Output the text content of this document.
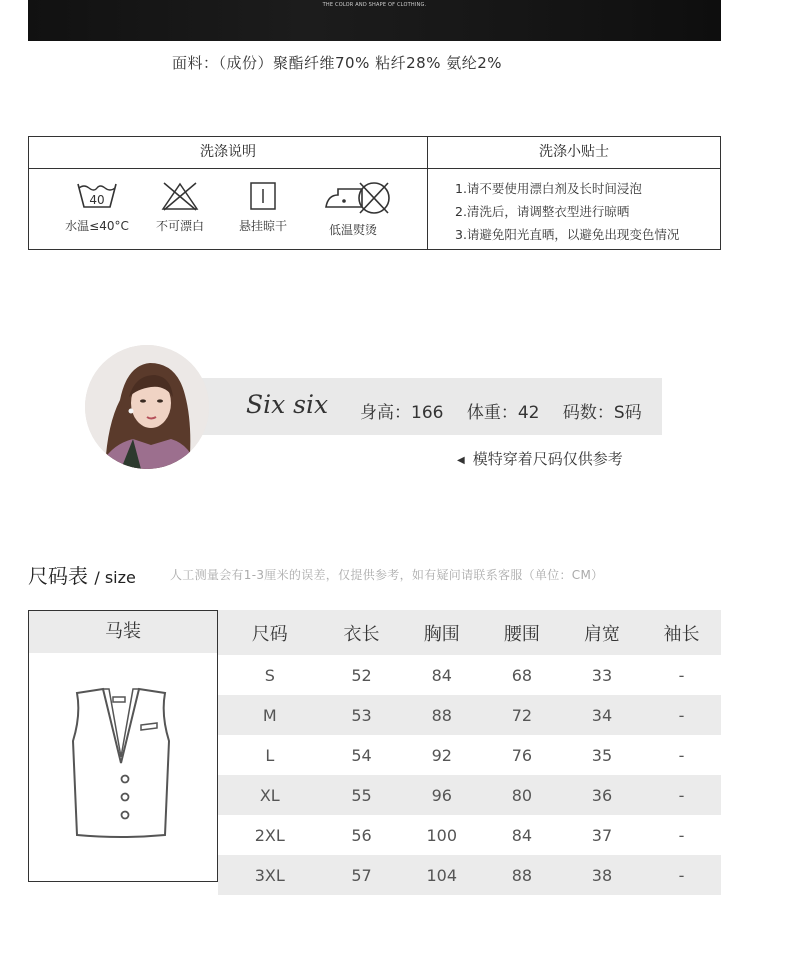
THE COLOR AND SHAPE OF CLOTHING.
面料：（成份）聚酯纤维70% 粘纤28% 氨纶2%
洗涤说明	洗涤小贴士
40
水温≤40°C	不可漂白	悬挂晾干	低温熨烫
1.请不要使用漂白剂及长时间浸泡
2.清洗后，请调整衣型进行晾晒
3.请避免阳光直晒，以避免出现变色情况
Six six 身高：166 体重：42 码数：S码
◀ 模特穿着尺码仅供参考
尺码表 / size	人工测量会有1-3厘米的误差，仅提供参考，如有疑问请联系客服（单位：CM）
马装	尺码	衣长	胸围	腰围	肩宽	袖长
S	52	84	68	33	-
M	53	88	72	34	-
L	54	92	76	35	-
XL	55	96	80	36	-
2XL	56	100	84	37	-
3XL	57	104	88	38	-
